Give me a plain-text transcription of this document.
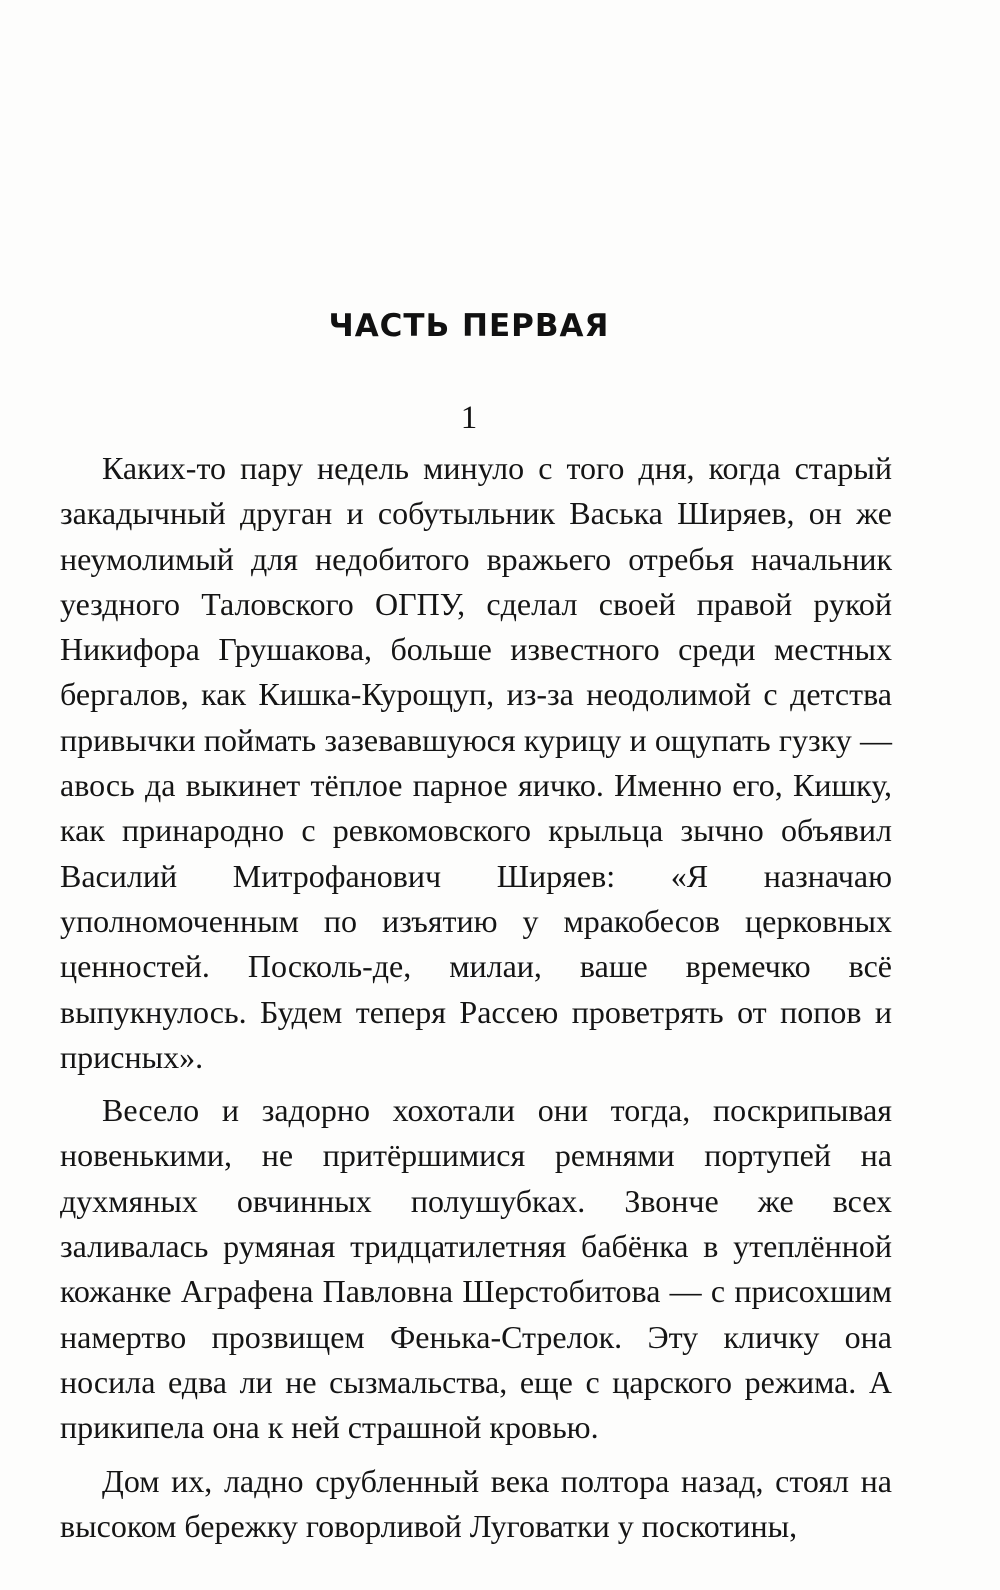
ЧАСТЬ ПЕРВАЯ
1

Каких-то пару недель минуло с того дня, когда старый закадычный друган и собутыльник Васька Ширяев, он же неумолимый для недобитого вражьего отребья начальник уездного Таловского ОГПУ, сделал своей правой рукой Никифора Грушакова, больше известного среди местных бергалов, как Кишка-Курощуп, из-за неодолимой с детства привычки поймать зазевавшуюся курицу и ощупать гузку — авось да выкинет тёплое парное яичко. Именно его, Кишку, как принародно с ревкомовского крыльца зычно объявил Василий Митрофанович Ширяев: «Я назначаю уполномоченным по изъятию у мракобесов церковных ценностей. Посколь-де, милаи, ваше времечко всё выпукнулось. Будем теперя Рассею проветрять от попов и присных».

Весело и задорно хохотали они тогда, поскрипывая новенькими, не притёршимися ремнями портупей на духмяных овчинных полушубках. Звонче же всех заливалась румяная тридцатилетняя бабёнка в утеплённой кожанке Аграфена Павловна Шерстобитова — с присохшим намертво прозвищем Фенька-Стрелок. Эту кличку она носила едва ли не сызмальства, еще с царского режима. А прикипела она к ней страшной кровью.

Дом их, ладно срубленный века полтора назад, стоял на высоком бережку говорливой Луговатки у поскотины,
